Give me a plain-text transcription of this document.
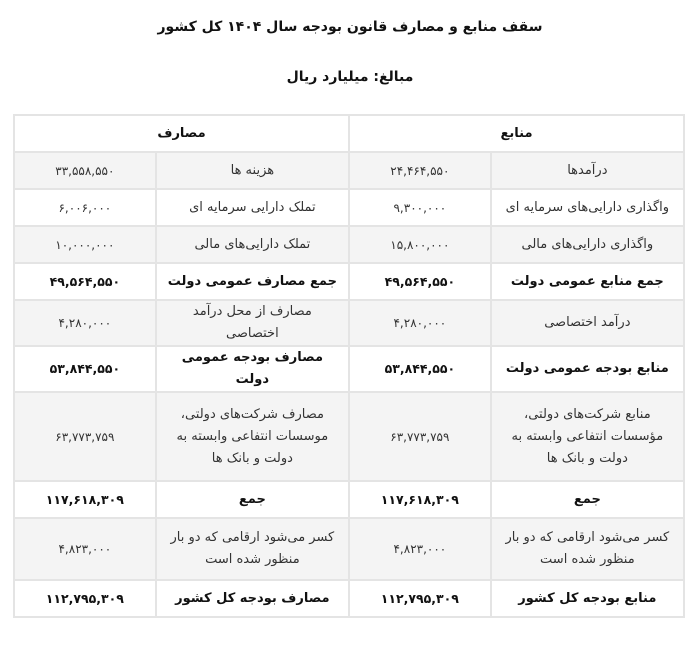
سقف منابع و مصارف قانون بودجه سال ۱۴۰۴ کل کشور
مبالغ: میلیارد ریال
منابع		مصارف	
درآمدها	۲۴,۴۶۴,۵۵۰	هزینه ها	۳۳,۵۵۸,۵۵۰
واگذاری دارایی‌های سرمایه ای	۹,۳۰۰,۰۰۰	تملک دارایی سرمایه ای	۶,۰۰۶,۰۰۰
واگذاری دارایی‌های مالی	۱۵,۸۰۰,۰۰۰	تملک دارایی‌های مالی	۱۰,۰۰۰,۰۰۰
جمع منابع عمومی دولت	۴۹,۵۶۴,۵۵۰	جمع مصارف عمومی دولت	۴۹,۵۶۴,۵۵۰
درآمد اختصاصی	۴,۲۸۰,۰۰۰	مصارف از محل درآمد اختصاصی	۴,۲۸۰,۰۰۰
منابع بودجه عمومی دولت	۵۳,۸۴۴,۵۵۰	مصارف بودجه عمومی دولت	۵۳,۸۴۴,۵۵۰
منابع شرکت‌های دولتی، مؤسسات انتفاعی وابسته به دولت و بانک ها	۶۳,۷۷۳,۷۵۹	مصارف شرکت‌های دولتی، موسسات انتفاعی وابسته به دولت و بانک ها	۶۳,۷۷۳,۷۵۹
جمع	۱۱۷,۶۱۸,۳۰۹	جمع	۱۱۷,۶۱۸,۳۰۹
کسر می‌شود ارقامی که دو بار منظور شده است	۴,۸۲۳,۰۰۰	کسر می‌شود ارقامی که دو بار منظور شده است	۴,۸۲۳,۰۰۰
منابع بودجه کل کشور	۱۱۲,۷۹۵,۳۰۹	مصارف بودجه کل کشور	۱۱۲,۷۹۵,۳۰۹
